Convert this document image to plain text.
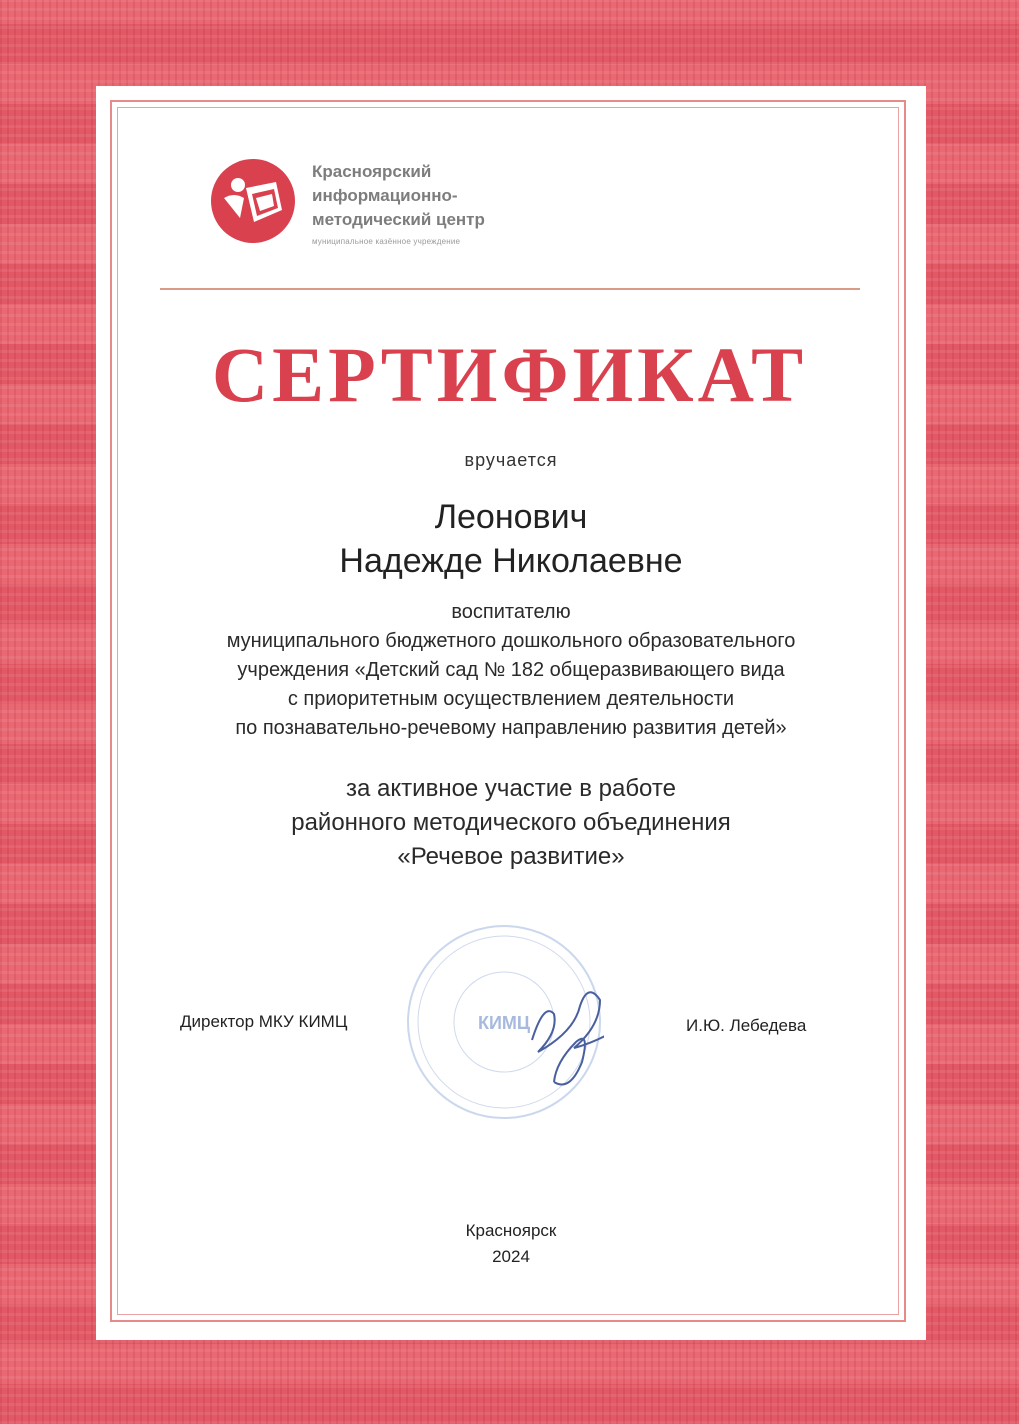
Красноярский
информационно-
методический центр
муниципальное казённое учреждение
СЕРТИФИКАТ
вручается
Леонович
Надежде Николаевне
воспитателю
муниципального бюджетного дошкольного образовательного
учреждения «Детский сад № 182 общеразвивающего вида
с приоритетным осуществлением деятельности
по познавательно-речевому направлению развития детей»
за активное участие в работе
районного методического объединения
«Речевое развитие»
КИМЦ
Директор МКУ КИМЦ	И.Ю. Лебедева
Красноярск
2024
